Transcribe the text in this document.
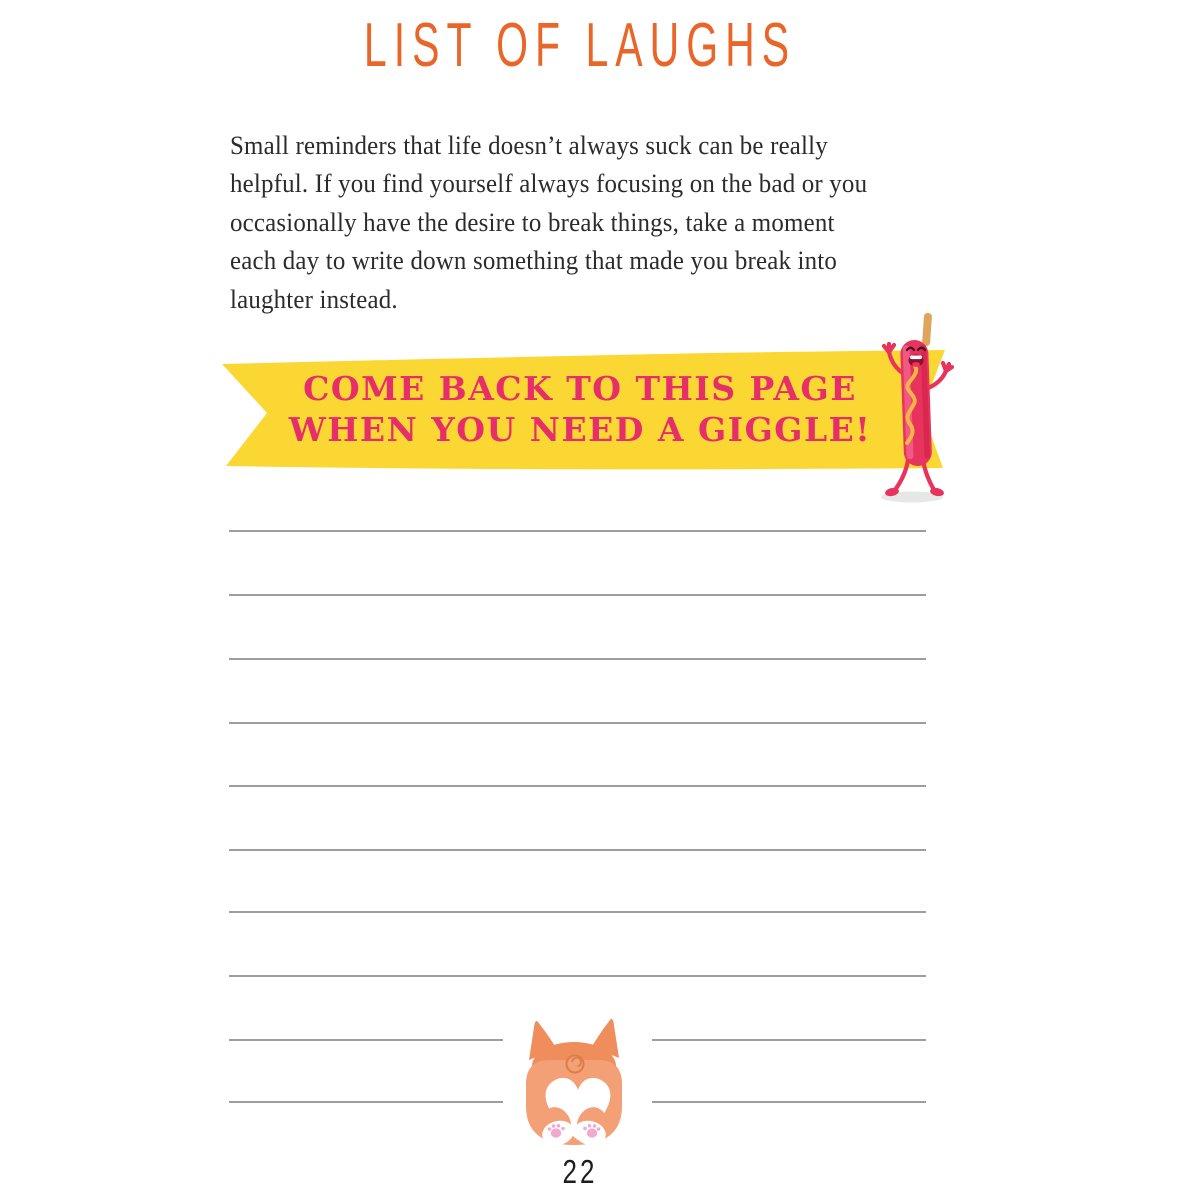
LIST OF LAUGHS
Small reminders that life doesn’t always suck can be really
helpful. If you find yourself always focusing on the bad or you
occasionally have the desire to break things, take a moment
each day to write down something that made you break into
laughter instead.
COME BACK TO THIS PAGE
WHEN YOU NEED A GIGGLE!
22
